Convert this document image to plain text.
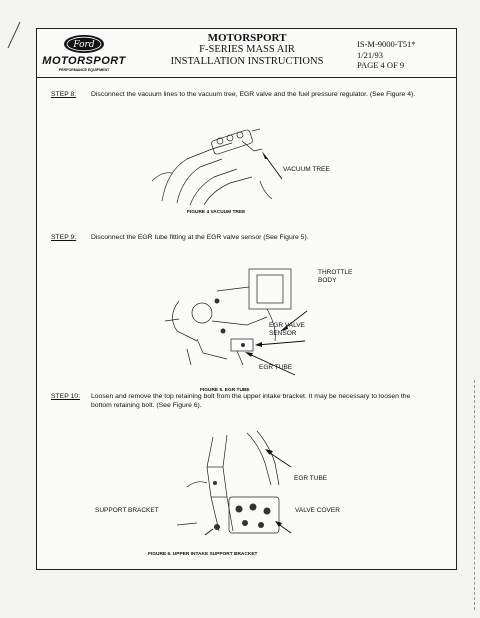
Ford
MOTORSPORT
PERFORMANCE EQUIPMENT
MOTORSPORT
F-SERIES MASS AIR
INSTALLATION INSTRUCTIONS
IS-M-9000-T51*
1/21/93
PAGE 4 OF 9
STEP 8: Disconnect the vacuum lines to the vacuum tree, EGR valve and the fuel pressure regulator. (See Figure 4).
VACUUM TREE
FIGURE 4 VACUUM TREE
STEP 9: Disconnect the EGR tube fitting at the EGR valve sensor (See Figure 5).
THROTTLE
BODY
EGR VALVE
SENSOR
EGR TUBE
FIGURE 5. EGR TUBE
STEP 10: Loosen and remove the top retaining bolt from the upper intake bracket. It may be necessary to loosen the bottom retaining bolt. (See Figure 6).
EGR TUBE
SUPPORT BRACKET	VALVE COVER
FIGURE 6. UPPER INTAKE SUPPORT BRACKET
